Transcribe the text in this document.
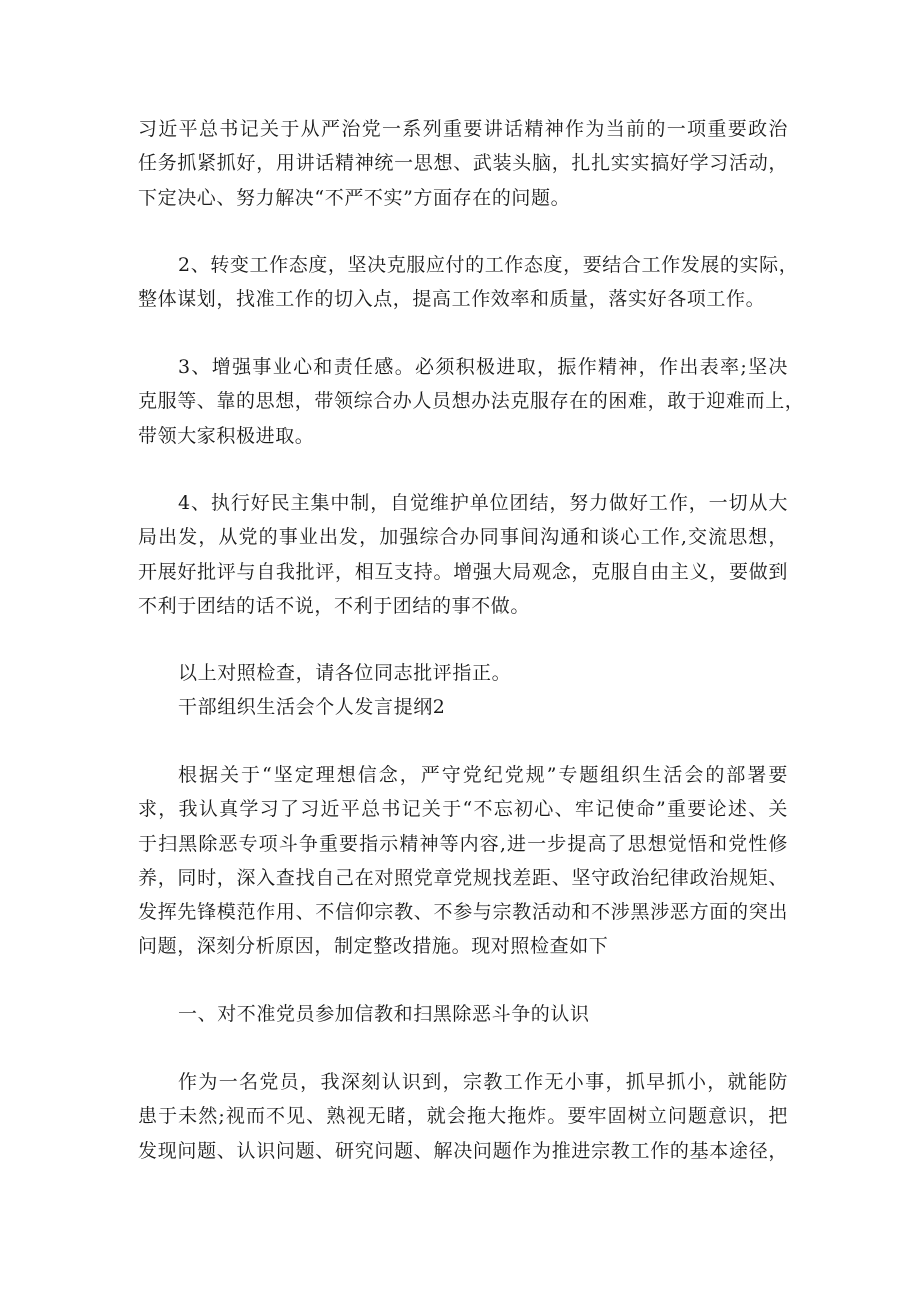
习近平总书记关于从严治党一系列重要讲话精神作为当前的一项重要政治
任务抓紧抓好，用讲话精神统一思想、武装头脑，扎扎实实搞好学习活动，
下定决心、努力解决“不严不实”方面存在的问题。

2、转变工作态度，坚决克服应付的工作态度，要结合工作发展的实际，
整体谋划，找准工作的切入点，提高工作效率和质量，落实好各项工作。

3、增强事业心和责任感。必须积极进取，振作精神，作出表率;坚决
克服等、靠的思想，带领综合办人员想办法克服存在的困难，敢于迎难而上，
带领大家积极进取。

4、执行好民主集中制，自觉维护单位团结，努力做好工作，一切从大
局出发，从党的事业出发，加强综合办同事间沟通和谈心工作,交流思想，
开展好批评与自我批评，相互支持。增强大局观念，克服自由主义，要做到
不利于团结的话不说，不利于团结的事不做。

以上对照检查，请各位同志批评指正。

干部组织生活会个人发言提纲2

根据关于“坚定理想信念，严守党纪党规”专题组织生活会的部署要
求，我认真学习了习近平总书记关于“不忘初心、牢记使命”重要论述、关
于扫黑除恶专项斗争重要指示精神等内容,进一步提高了思想觉悟和党性修
养，同时，深入查找自己在对照党章党规找差距、坚守政治纪律政治规矩、
发挥先锋模范作用、不信仰宗教、不参与宗教活动和不涉黑涉恶方面的突出
问题，深刻分析原因，制定整改措施。现对照检查如下

一、对不准党员参加信教和扫黑除恶斗争的认识

作为一名党员，我深刻认识到，宗教工作无小事，抓早抓小，就能防
患于未然;视而不见、熟视无睹，就会拖大拖炸。要牢固树立问题意识，把
发现问题、认识问题、研究问题、解决问题作为推进宗教工作的基本途径，
